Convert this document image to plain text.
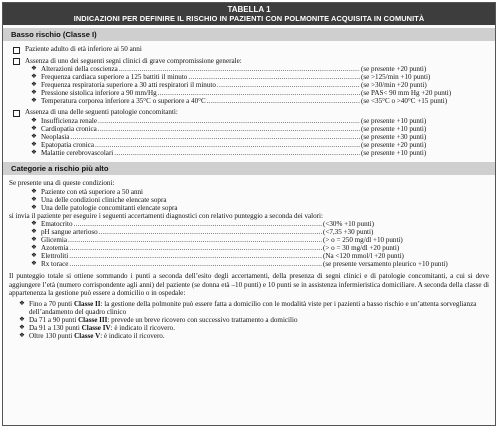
TABELLA 1
INDICAZIONI PER DEFINIRE IL RISCHIO IN PAZIENTI CON POLMONITE ACQUISITA IN COMUNITÀ
Basso rischio (Classe I)
Paziente adulto di età inferiore ai 50 anni
Assenza di uno dei seguenti segni clinici di grave compromissione generale:
❖ Alterazioni della coscienza .....	(se presente +20 punti)
❖ Frequenza cardiaca superiore a 125 battiti il minuto .....	(se >125/min +10 punti)
❖ Frequenza respiratoria superiore a 30 atti respiratori il minuto .....	(se >30/min +20 punti)
❖ Pressione sistolica inferiore a 90 mm/Hg .....	(se PAS< 90 mm Hg +20 punti)
❖ Temperatura corporea inferiore a 35°C o superiore a 40°C .....	(se <35°C o >40°C +15 punti)
Assenza di una delle seguenti patologie concomitanti:
❖ Insufficienza renale .....	(se presente +10 punti)
❖ Cardiopatia cronica .....	(se presente +10 punti)
❖ Neoplasia .....	(se presente +30 punti)
❖ Epatopatia cronica .....	(se presente +20 punti)
❖ Malattie cerebrovascolari .....	(se presente +10 punti)
Categorie a rischio più alto
Se presente una di queste condizioni:
❖ Paziente con età superiore a 50 anni
❖ Una delle condizioni cliniche elencate sopra
❖ Una delle patologie concomitanti elencate sopra
si invia il paziente per eseguire i seguenti accertamenti diagnostici con relativo punteggio a seconda dei valori:
❖ Ematocrito .....	(<30% +10 punti)
❖ pH sangue arterioso .....	(<7,35 +30 punti)
❖ Glicemia .....	(> o = 250 mg/dl +10 punti)
❖ Azotemia .....	(> o = 30 mg/dl +20 punti)
❖ Elettroliti .....	(Na <120 mmol/l +20 punti)
❖ Rx torace .....	(se presente versamento pleurico +10 punti)
Il punteggio totale si ottiene sommando i punti a seconda dell’esito degli accertamenti, della presenza di segni clinici e di patologie concomitanti, a cui si deve aggiungere l’età (numero corrispondente agli anni) del paziente (se donna età –10 punti) e 10 punti se in assistenza infermieristica domiciliare. A seconda della classe di appartenenza la gestione può essere a domicilio o in ospedale:
❖ Fino a 70 punti Classe II: la gestione della polmonite può essere fatta a domicilio con le modalità viste per i pazienti a basso rischio e un’attenta sorveglianza dell’andamento del quadro clinico
❖ Da 71 a 90 punti Classe III: prevede un breve ricovero con successivo trattamento a domicilio
❖ Da 91 a 130 punti Classe IV: è indicato il ricovero.
❖ Oltre 130 punti Classe V: è indicato il ricovero.
